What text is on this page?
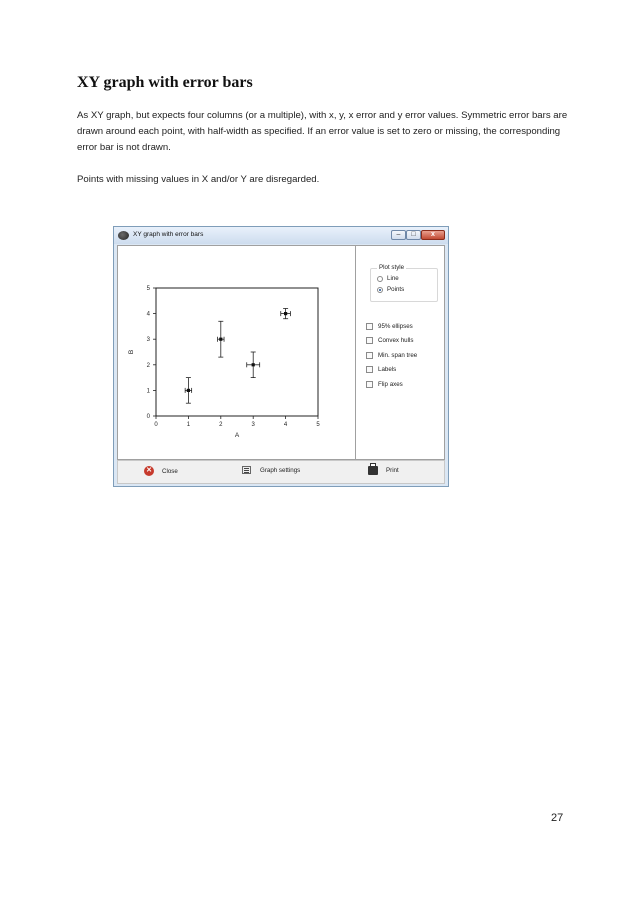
XY graph with error bars

As XY graph, but expects four columns (or a multiple), with x, y, x error and y error values. Symmetric error bars are drawn around each point, with half-width as specified. If an error value is set to zero or missing, the corresponding error bar is not drawn.

Points with missing values in X and/or Y are disregarded.

XY graph with error bars	–	□	x
0	1	2	3	4	5
0
1
2
3
4
5
A
B
Plot style
Line
Points
95% ellipses
Convex hulls
Min. span tree
Labels
Flip axes
✕	Close	Graph settings	Print
27
